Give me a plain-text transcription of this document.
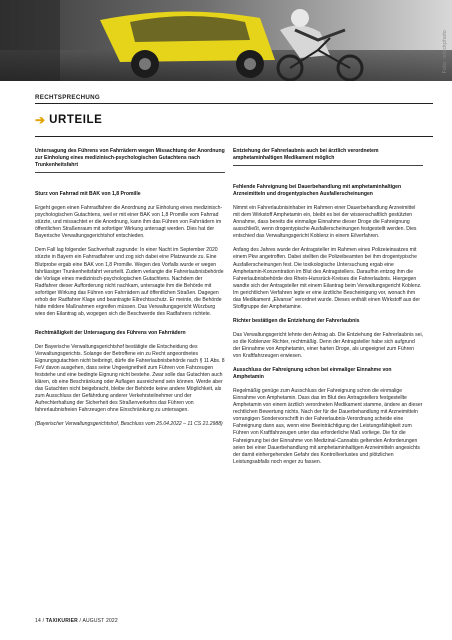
Foto: istockphoto
RECHTSPRECHUNG
➔ URTEILE

Untersagung des Führens von Fahrrädern wegen Missachtung der Anordnung zur Einholung eines medizinisch-psychologischen Gutachtens nach Trunkenheitsfahrt

Sturz von Fahrrad mit BAK von 1,8 Promille

Ergeht gegen einen Fahrradfahrer die Anordnung zur Einholung eines medizinisch-psychologischen Gutachtens, weil er mit einer BAK von 1,8 Promille vom Fahrrad stürzte, und missachtet er die Anordnung, kann ihm das Führen von Fahrrädern im öffentlichen Straßenraum mit sofortiger Wirkung untersagt werden. Dies hat der Bayerische Verwaltungsgerichtshof entschieden.

Dem Fall lag folgender Sachverhalt zugrunde: In einer Nacht im September 2020 stürzte in Bayern ein Fahrradfahrer und zog sich dabei eine Platzwunde zu. Eine Blutprobe ergab eine BAK von 1,8 Promille. Wegen des Vorfalls wurde er wegen fahrlässiger Trunkenheitsfahrt verurteilt. Zudem verlangte die Fahrerlaubnisbehörde die Vorlage eines medizinisch-psychologischen Gutachtens. Nachdem der Radfahrer dieser Aufforderung nicht nachkam, untersagte ihm die Behörde mit sofortiger Wirkung das Führen von Fahrrädern auf öffentlichen Straßen. Dagegen erhob der Radfahrer Klage und beantragte Eilrechtsschutz. Er meinte, die Behörde hätte mildere Maßnahmen ergreifen müssen. Das Verwaltungsgericht Würzburg wies den Eilantrag ab, wogegen sich die Beschwerde des Radfahrers richtete.

Rechtmäßigkeit der Untersagung des Führens von Fahrrädern

Der Bayerische Verwaltungsgerichtshof bestätigte die Entscheidung des Verwaltungsgerichts. Solange der Betroffene ein zu Recht angeordnetes Eignungsgutachten nicht beibringt, dürfe die Fahrerlaubnisbehörde nach § 11 Abs. 8 FeV davon ausgehen, dass seine Ungeeignetheit zum Führen von Fahrzeugen feststehe und eine bedingte Eignung nicht bestehe. Zwar solle das Gutachten auch klären, ob eine Beschränkung oder Auflagen ausreichend sein können. Werde aber das Gutachten nicht beigebracht, bleibe der Behörde keine andere Möglichkeit, als zum Ausschluss der Gefährdung anderer Verkehrsteilnehmer und der Aufrechterhaltung der Sicherheit des Straßenverkehrs das Führen von fahrerlaubnisfreien Fahrzeugen ohne Einschränkung zu untersagen.

(Bayerischer Verwaltungsgerichtshof, Beschluss vom 25.04.2022 – 11 CS 21.2988)

Entziehung der Fahrerlaubnis auch bei ärztlich verordnetem amphetaminhaltigen Medikament möglich

Fehlende Fahreignung bei Dauerbehandlung mit amphetaminhaltigen Arzneimitteln und drogentypischen Ausfallerscheinungen

Nimmt ein Fahrerlaubnisinhaber im Rahmen einer Dauerbehandlung Arzneimittel mit dem Wirkstoff Amphetamin ein, bleibt es bei der wissenschaftlich gestützten Annahme, dass bereits die einmalige Einnahme dieser Droge die Fahreignung ausschließt, wenn drogentypische Ausfallerscheinungen festgestellt werden. Dies entschied das Verwaltungsgericht Koblenz in einem Eilverfahren.

Anfang des Jahres wurde der Antragsteller im Rahmen eines Polizeieinsatzes mit einem Pkw angetroffen. Dabei stellten die Polizeibeamten bei ihm drogentypische Ausfallerscheinungen fest. Die toxikologische Untersuchung ergab eine Amphetamin-Konzentration im Blut des Antragstellers. Daraufhin entzog ihm die Fahrerlaubnisbehörde des Rhein-Hunsrück-Kreises die Fahrerlaubnis. Hiergegen wandte sich der Antragsteller mit einem Eilantrag beim Verwaltungsgericht Koblenz. Im gerichtlichen Verfahren legte er eine ärztliche Bescheinigung vor, wonach ihm das Medikament „Elvanse“ verordnet wurde. Dieses enthält einen Wirkstoff aus der Stoffgruppe der Amphetamine.

Richter bestätigen die Entziehung der Fahrerlaubnis

Das Verwaltungsgericht lehnte den Antrag ab. Die Entziehung der Fahrerlaubnis sei, so die Koblenzer Richter, rechtmäßig. Denn der Antragsteller habe sich aufgrund der Einnahme von Amphetamin, einer harten Droge, als ungeeignet zum Führen von Kraftfahrzeugen erwiesen.

Ausschluss der Fahreignung schon bei einmaliger Einnahme von Amphetamin

Regelmäßig genüge zum Ausschluss der Fahreignung schon die einmalige Einnahme von Amphetamin. Dass das im Blut des Antragstellers festgestellte Amphetamin von einem ärztlich verordneten Medikament stamme, ändere an dieser rechtlichen Bewertung nichts. Nach der für die Dauerbehandlung mit Arzneimitteln vorrangigen Sondervorschrift in der Fahrerlaubnis-Verordnung scheide eine Fahreignung dann aus, wenn eine Beeinträchtigung der Leistungsfähigkeit zum Führen von Kraftfahrzeugen unter das erforderliche Maß vorliege. Die für die Fahreignung bei der Einnahme von Medizinal-Cannabis geltenden Anforderungen seien bei einer Dauerbehandlung mit amphetaminhaltigen Arzneimitteln angesichts der damit einhergehenden Gefahr des Kontrollverlustes und plötzlichen Leistungsabfalls noch enger zu fassen.

14 / TAXIKURIER / AUGUST 2022
